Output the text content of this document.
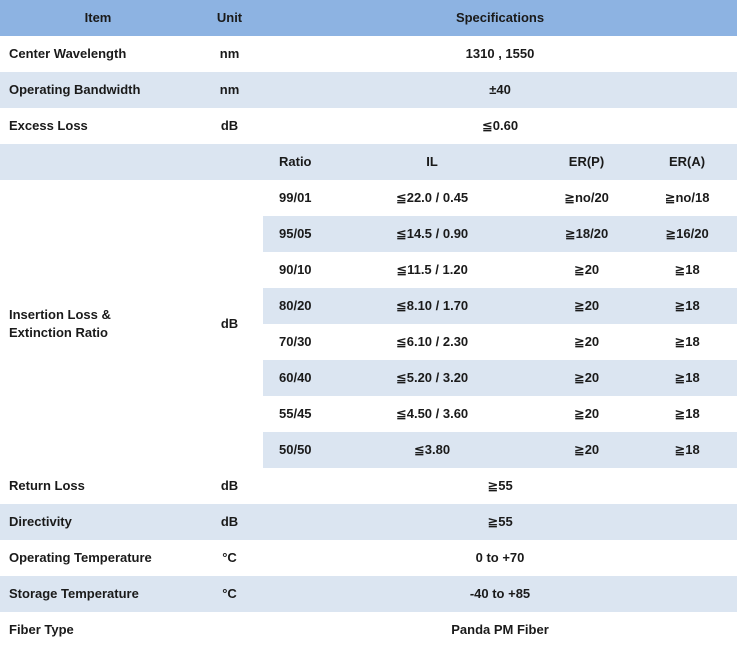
Item	Unit	Specifications			
Center Wavelength	nm	1310 , 1550			
Operating Bandwidth	nm	±40			
Excess Loss	dB	≦0.60			
		Ratio	IL	ER(P)	ER(A)
Insertion Loss &
Extinction Ratio	dB	99/01	≦22.0 / 0.45	≧no/20	≧no/18
		95/05	≦14.5 / 0.90	≧18/20	≧16/20
		90/10	≦11.5 / 1.20	≧20	≧18
		80/20	≦8.10 / 1.70	≧20	≧18
		70/30	≦6.10 / 2.30	≧20	≧18
		60/40	≦5.20 / 3.20	≧20	≧18
		55/45	≦4.50 / 3.60	≧20	≧18
		50/50	≦3.80	≧20	≧18
Return Loss	dB	≧55			
Directivity	dB	≧55			
Operating Temperature	°C	0 to +70			
Storage Temperature	°C	-40 to +85			
Fiber Type		Panda PM Fiber			
